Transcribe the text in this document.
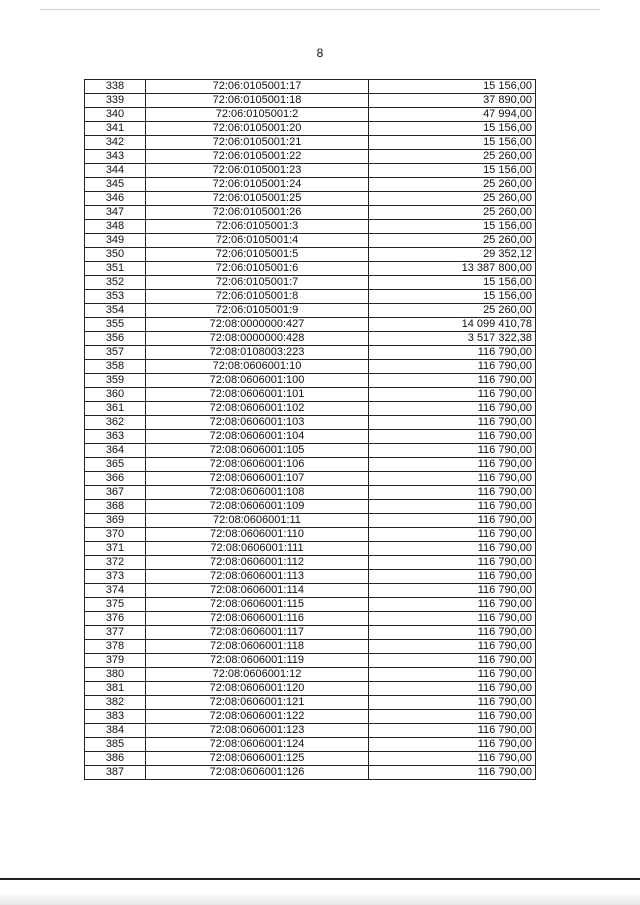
8
338	72:06:0105001:17	15 156,00
339	72:06:0105001:18	37 890,00
340	72:06:0105001:2	47 994,00
341	72:06:0105001:20	15 156,00
342	72:06:0105001:21	15 156,00
343	72:06:0105001:22	25 260,00
344	72:06:0105001:23	15 156,00
345	72:06:0105001:24	25 260,00
346	72:06:0105001:25	25 260,00
347	72:06:0105001:26	25 260,00
348	72:06:0105001:3	15 156,00
349	72:06:0105001:4	25 260,00
350	72:06:0105001:5	29 352,12
351	72:06:0105001:6	13 387 800,00
352	72:06:0105001:7	15 156,00
353	72:06:0105001:8	15 156,00
354	72:06:0105001:9	25 260,00
355	72:08:0000000:427	14 099 410,78
356	72:08:0000000:428	3 517 322,38
357	72:08:0108003:223	116 790,00
358	72:08:0606001:10	116 790,00
359	72:08:0606001:100	116 790,00
360	72:08:0606001:101	116 790,00
361	72:08:0606001:102	116 790,00
362	72:08:0606001:103	116 790,00
363	72:08:0606001:104	116 790,00
364	72:08:0606001:105	116 790,00
365	72:08:0606001:106	116 790,00
366	72:08:0606001:107	116 790,00
367	72:08:0606001:108	116 790,00
368	72:08:0606001:109	116 790,00
369	72:08:0606001:11	116 790,00
370	72:08:0606001:110	116 790,00
371	72:08:0606001:111	116 790,00
372	72:08:0606001:112	116 790,00
373	72:08:0606001:113	116 790,00
374	72:08:0606001:114	116 790,00
375	72:08:0606001:115	116 790,00
376	72:08:0606001:116	116 790,00
377	72:08:0606001:117	116 790,00
378	72:08:0606001:118	116 790,00
379	72:08:0606001:119	116 790,00
380	72:08:0606001:12	116 790,00
381	72:08:0606001:120	116 790,00
382	72:08:0606001:121	116 790,00
383	72:08:0606001:122	116 790,00
384	72:08:0606001:123	116 790,00
385	72:08:0606001:124	116 790,00
386	72:08:0606001:125	116 790,00
387	72:08:0606001:126	116 790,00
